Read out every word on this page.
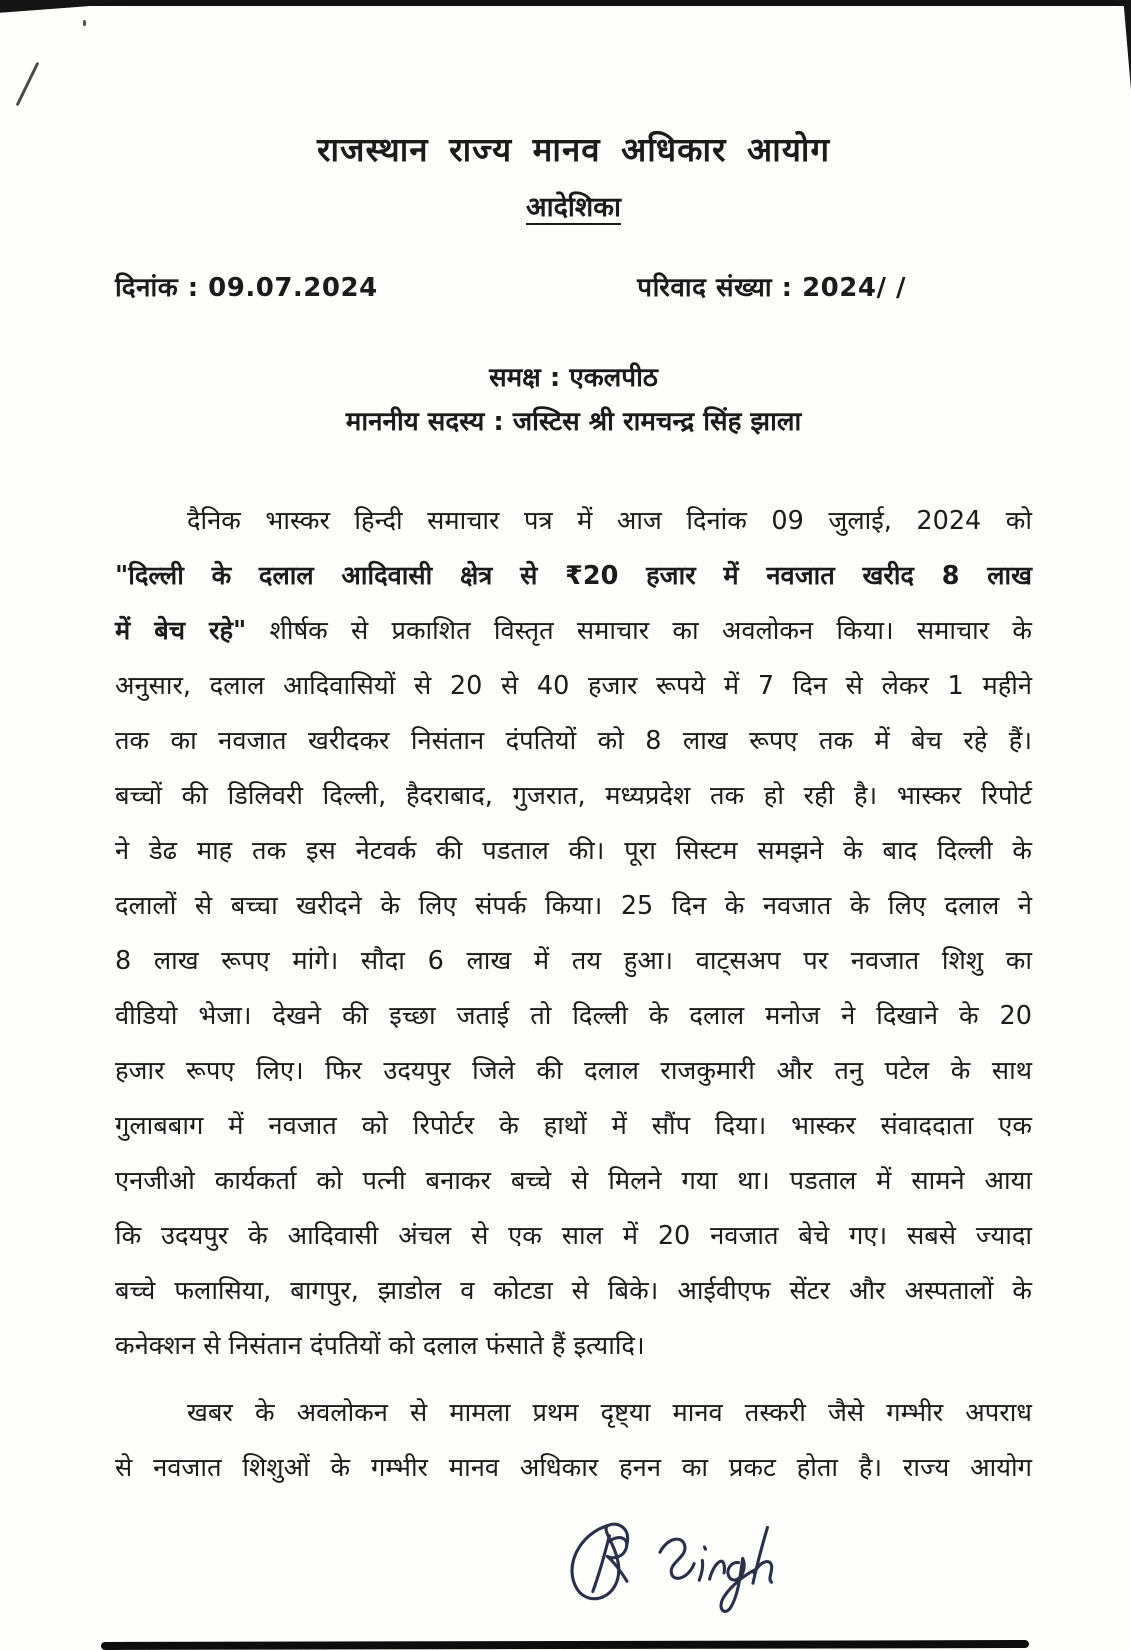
राजस्थान राज्य मानव अधिकार आयोग
आदेशिका
दिनांक : 09.07.2024	परिवाद संख्या : 2024/ /
समक्ष : एकलपीठ
माननीय सदस्य : जस्टिस श्री रामचन्द्र सिंह झाला
दैनिक भास्कर हिन्दी समाचार पत्र में आज दिनांक 09 जुलाई, 2024 को
"दिल्ली के दलाल आदिवासी क्षेत्र से ₹20 हजार में नवजात खरीद 8 लाख
में बेच रहे" शीर्षक से प्रकाशित विस्तृत समाचार का अवलोकन किया। समाचार के
अनुसार, दलाल आदिवासियों से 20 से 40 हजार रूपये में 7 दिन से लेकर 1 महीने
तक का नवजात खरीदकर निसंतान दंपतियों को 8 लाख रूपए तक में बेच रहे हैं।
बच्चों की डिलिवरी दिल्ली, हैदराबाद, गुजरात, मध्यप्रदेश तक हो रही है। भास्कर रिपोर्ट
ने डेढ माह तक इस नेटवर्क की पडताल की। पूरा सिस्टम समझने के बाद दिल्ली के
दलालों से बच्चा खरीदने के लिए संपर्क किया। 25 दिन के नवजात के लिए दलाल ने
8 लाख रूपए मांगे। सौदा 6 लाख में तय हुआ। वाट्सअप पर नवजात शिशु का
वीडियो भेजा। देखने की इच्छा जताई तो दिल्ली के दलाल मनोज ने दिखाने के 20
हजार रूपए लिए। फिर उदयपुर जिले की दलाल राजकुमारी और तनु पटेल के साथ
गुलाबबाग में नवजात को रिपोर्टर के हाथों में सौंप दिया। भास्कर संवाददाता एक
एनजीओ कार्यकर्ता को पत्नी बनाकर बच्चे से मिलने गया था। पडताल में सामने आया
कि उदयपुर के आदिवासी अंचल से एक साल में 20 नवजात बेचे गए। सबसे ज्यादा
बच्चे फलासिया, बागपुर, झाडोल व कोटडा से बिके। आईवीएफ सेंटर और अस्पतालों के
कनेक्शन से निसंतान दंपतियों को दलाल फंसाते हैं इत्यादि।
खबर के अवलोकन से मामला प्रथम दृष्ट्या मानव तस्करी जैसे गम्भीर अपराध
से नवजात शिशुओं के गम्भीर मानव अधिकार हनन का प्रकट होता है। राज्य आयोग
